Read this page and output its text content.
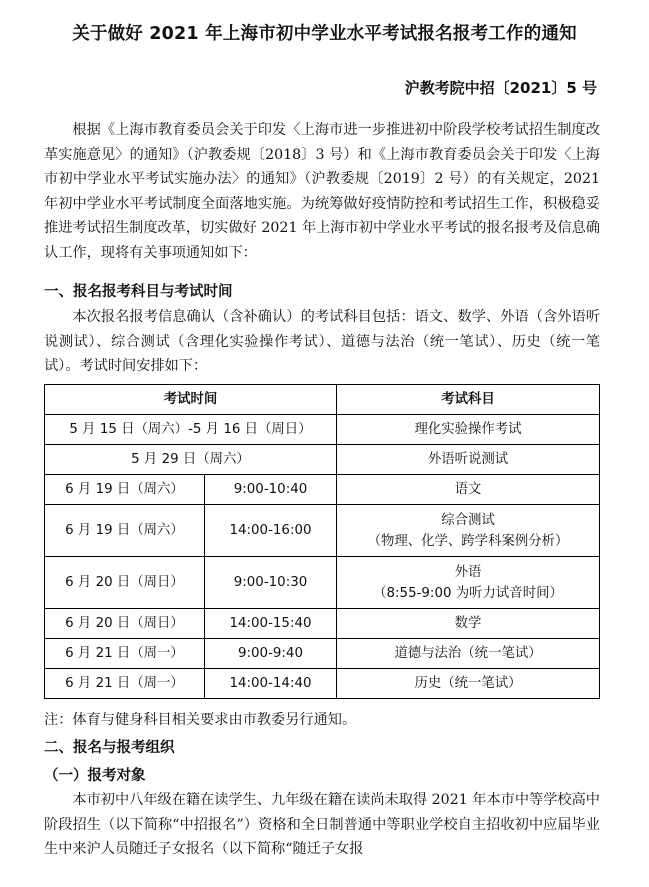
关于做好 2021 年上海市初中学业水平考试报名报考工作的通知
沪教考院中招〔2021〕5 号
根据《上海市教育委员会关于印发〈上海市进一步推进初中阶段学校考试招生制度改革实施意见〉的通知》（沪教委规〔2018〕3 号）和《上海市教育委员会关于印发〈上海市初中学业水平考试实施办法〉的通知》（沪教委规〔2019〕2 号）的有关规定，2021 年初中学业水平考试制度全面落地实施。为统筹做好疫情防控和考试招生工作，积极稳妥推进考试招生制度改革，切实做好 2021 年上海市初中学业水平考试的报名报考及信息确认工作，现将有关事项通知如下：
一、报名报考科目与考试时间
本次报名报考信息确认（含补确认）的考试科目包括：语文、数学、外语（含外语听说测试）、综合测试（含理化实验操作考试）、道德与法治（统一笔试）、历史（统一笔试）。考试时间安排如下：
考试时间		考试科目
5 月 15 日（周六）-5 月 16 日（周日）		理化实验操作考试
5 月 29 日（周六）		外语听说测试
6 月 19 日（周六）	9:00-10:40	语文
6 月 19 日（周六）	14:00-16:00	综合测试
（物理、化学、跨学科案例分析）

6 月 20 日（周日）	9:00-10:30	外语
（8:55-9:00 为听力试音时间）

6 月 20 日（周日）	14:00-15:40	数学
6 月 21 日（周一）	9:00-9:40	道德与法治（统一笔试）
6 月 21 日（周一）	14:00-14:40	历史（统一笔试）
注：体育与健身科目相关要求由市教委另行通知。
二、报名与报考组织
（一）报考对象
本市初中八年级在籍在读学生、九年级在籍在读尚未取得 2021 年本市中等学校高中阶段招生（以下简称“中招报名”）资格和全日制普通中等职业学校自主招收初中应届毕业生中来沪人员随迁子女报名（以下简称“随迁子女报
